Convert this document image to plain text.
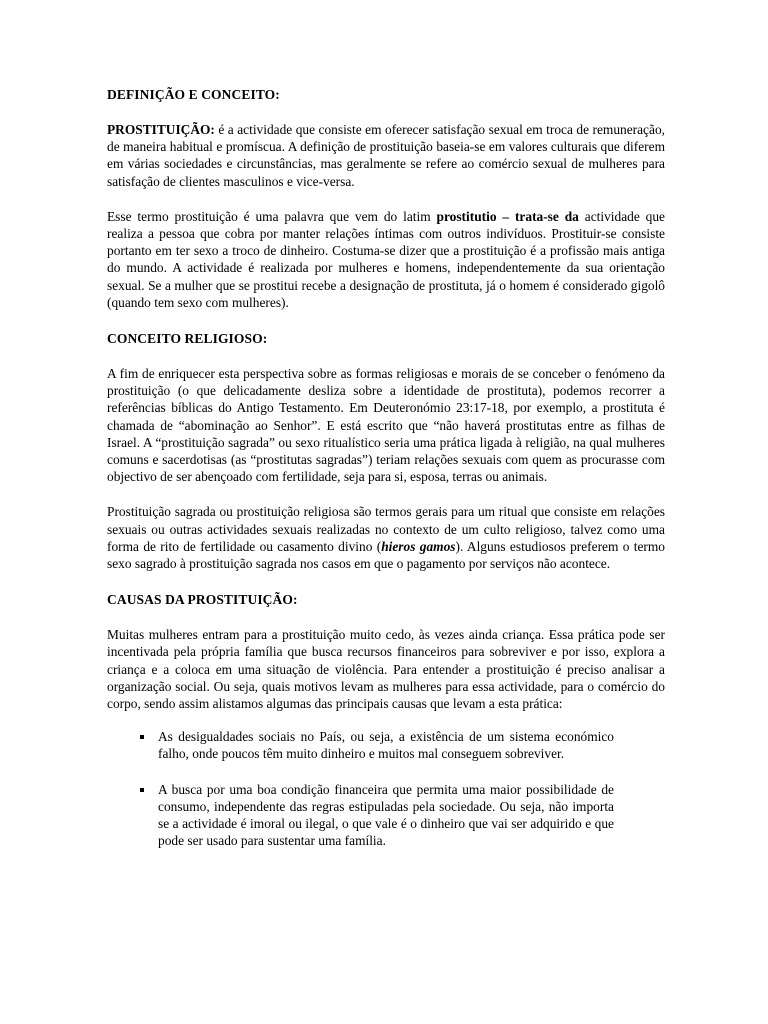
DEFINIÇÃO E CONCEITO:

PROSTITUIÇÃO: é a actividade que consiste em oferecer satisfação sexual em troca de remuneração, de maneira habitual e promíscua. A definição de prostituição baseia-se em valores culturais que diferem em várias sociedades e circunstâncias, mas geralmente se refere ao comércio sexual de mulheres para satisfação de clientes masculinos e vice-versa.

Esse termo prostituição é uma palavra que vem do latim prostitutio – trata-se da actividade que realiza a pessoa que cobra por manter relações íntimas com outros indivíduos. Prostituir-se consiste portanto em ter sexo a troco de dinheiro. Costuma-se dizer que a prostituição é a profissão mais antiga do mundo. A actividade é realizada por mulheres e homens, independentemente da sua orientação sexual. Se a mulher que se prostitui recebe a designação de prostituta, já o homem é considerado gigolô (quando tem sexo com mulheres).

CONCEITO RELIGIOSO:

A fim de enriquecer esta perspectiva sobre as formas religiosas e morais de se conceber o fenómeno da prostituição (o que delicadamente desliza sobre a identidade de prostituta), podemos recorrer a referências bíblicas do Antigo Testamento. Em Deuteronómio 23:17-18, por exemplo, a prostituta é chamada de “abominação ao Senhor”. E está escrito que “não haverá prostitutas entre as filhas de Israel. A “prostituição sagrada” ou sexo ritualístico seria uma prática ligada à religião, na qual mulheres comuns e sacerdotisas (as “prostitutas sagradas”) teriam relações sexuais com quem as procurasse com objectivo de ser abençoado com fertilidade, seja para si, esposa, terras ou animais.

Prostituição sagrada ou prostituição religiosa são termos gerais para um ritual que consiste em relações sexuais ou outras actividades sexuais realizadas no contexto de um culto religioso, talvez como uma forma de rito de fertilidade ou casamento divino (hieros gamos). Alguns estudiosos preferem o termo sexo sagrado à prostituição sagrada nos casos em que o pagamento por serviços não acontece.

CAUSAS DA PROSTITUIÇÃO:

Muitas mulheres entram para a prostituição muito cedo, às vezes ainda criança. Essa prática pode ser incentivada pela própria família que busca recursos financeiros para sobreviver e por isso, explora a criança e a coloca em uma situação de violência. Para entender a prostituição é preciso analisar a organização social. Ou seja, quais motivos levam as mulheres para essa actividade, para o comércio do corpo, sendo assim alistamos algumas das principais causas que levam a esta prática:

As desigualdades sociais no País, ou seja, a existência de um sistema económico falho, onde poucos têm muito dinheiro e muitos mal conseguem sobreviver.
A busca por uma boa condição financeira que permita uma maior possibilidade de consumo, independente das regras estipuladas pela sociedade. Ou seja, não importa se a actividade é imoral ou ilegal, o que vale é o dinheiro que vai ser adquirido e que pode ser usado para sustentar uma família.
